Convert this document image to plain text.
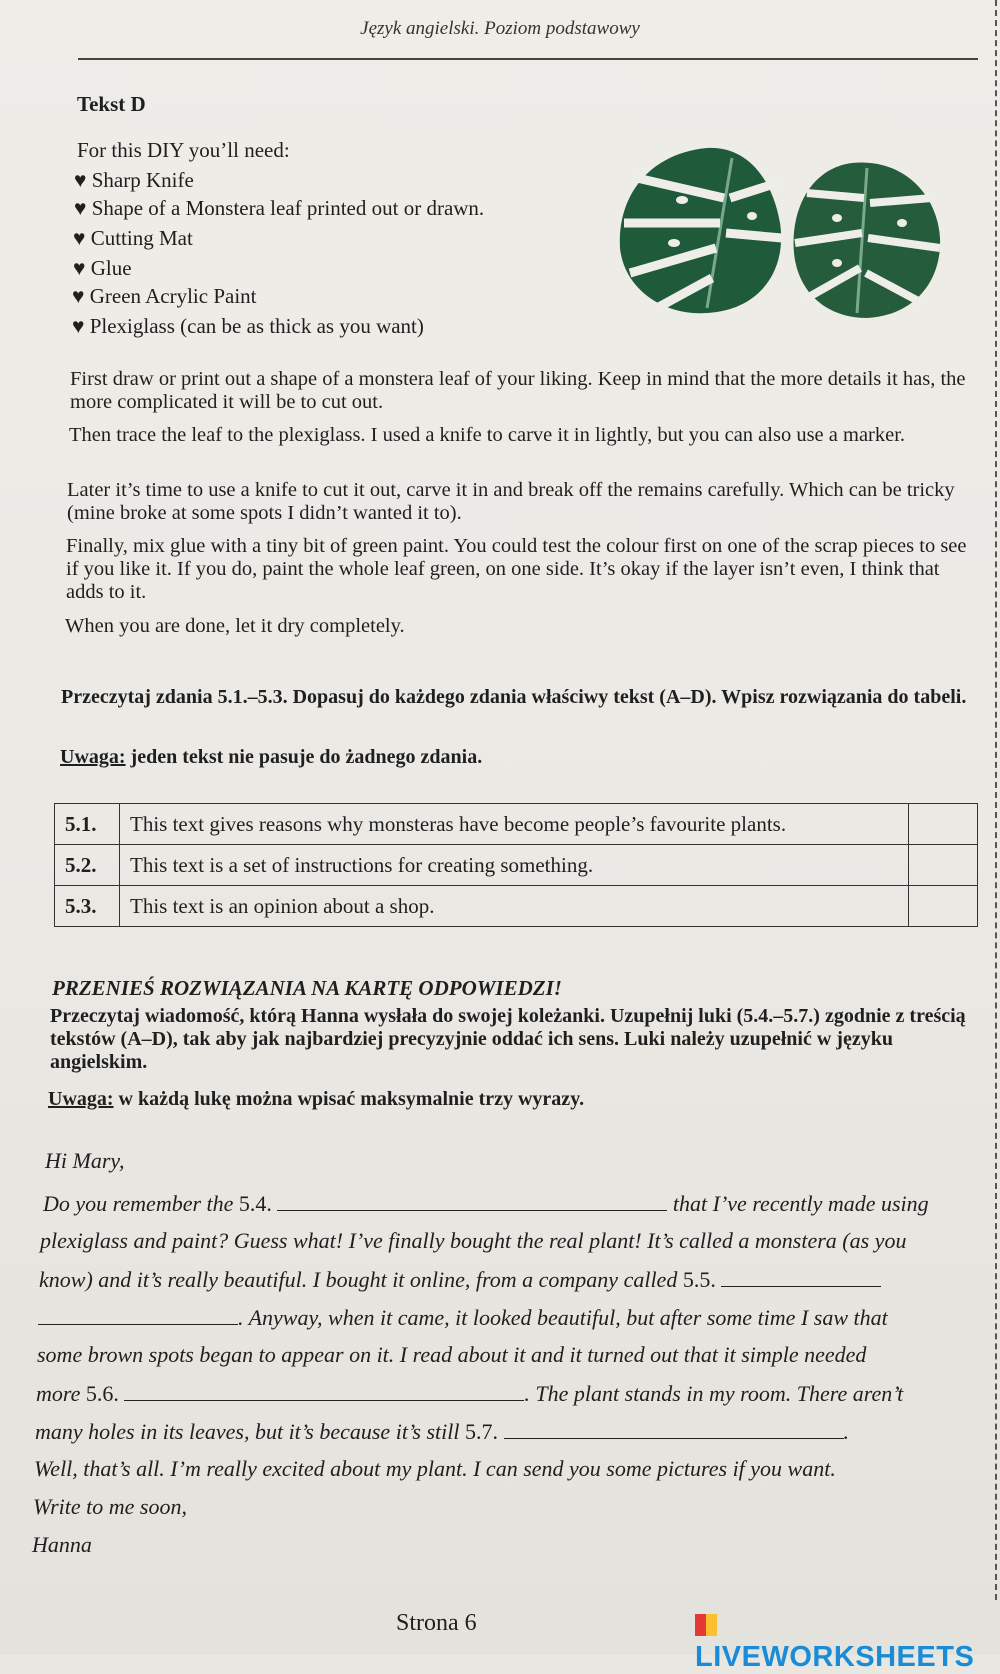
Język angielski. Poziom podstawowy
Tekst D
For this DIY you’ll need:
♥ Sharp Knife
♥ Shape of a Monstera leaf printed out or drawn.
♥ Cutting Mat
♥ Glue
♥ Green Acrylic Paint
♥ Plexiglass (can be as thick as you want)
First draw or print out a shape of a monstera leaf of your liking. Keep in mind that the more details it has, the more complicated it will be to cut out.
Then trace the leaf to the plexiglass. I used a knife to carve it in lightly, but you can also use a marker.
Later it’s time to use a knife to cut it out, carve it in and break off the remains carefully. Which can be tricky (mine broke at some spots I didn’t wanted it to).
Finally, mix glue with a tiny bit of green paint. You could test the colour first on one of the scrap pieces to see if you like it. If you do, paint the whole leaf green, on one side. It’s okay if the layer isn’t even, I think that adds to it.
When you are done, let it dry completely.
Przeczytaj zdania 5.1.–5.3. Dopasuj do każdego zdania właściwy tekst (A–D). Wpisz rozwiązania do tabeli.
Uwaga: jeden tekst nie pasuje do żadnego zdania.
5.1.	This text gives reasons why monsteras have become people’s favourite plants.	
5.2.	This text is a set of instructions for creating something.	
5.3.	This text is an opinion about a shop.	
PRZENIEŚ ROZWIĄZANIA NA KARTĘ ODPOWIEDZI!
Przeczytaj wiadomość, którą Hanna wysłała do swojej koleżanki. Uzupełnij luki (5.4.–5.7.) zgodnie z treścią tekstów (A–D), tak aby jak najbardziej precyzyjnie oddać ich sens. Luki należy uzupełnić w języku angielskim.
Uwaga: w każdą lukę można wpisać maksymalnie trzy wyrazy.
Hi Mary,
Do you remember the 5.4.	that I’ve recently made using
plexiglass and paint? Guess what! I’ve finally bought the real plant! It’s called a monstera (as you
know) and it’s really beautiful. I bought it online, from a company called 5.5.
. Anyway, when it came, it looked beautiful, but after some time I saw that
some brown spots began to appear on it. I read about it and it turned out that it simple needed
more 5.6.	. The plant stands in my room. There aren’t
many holes in its leaves, but it’s because it’s still 5.7.	.
Well, that’s all. I’m really excited about my plant. I can send you some pictures if you want.
Write to me soon,
Hanna
Strona 6
LIVEWORKSHEETS
